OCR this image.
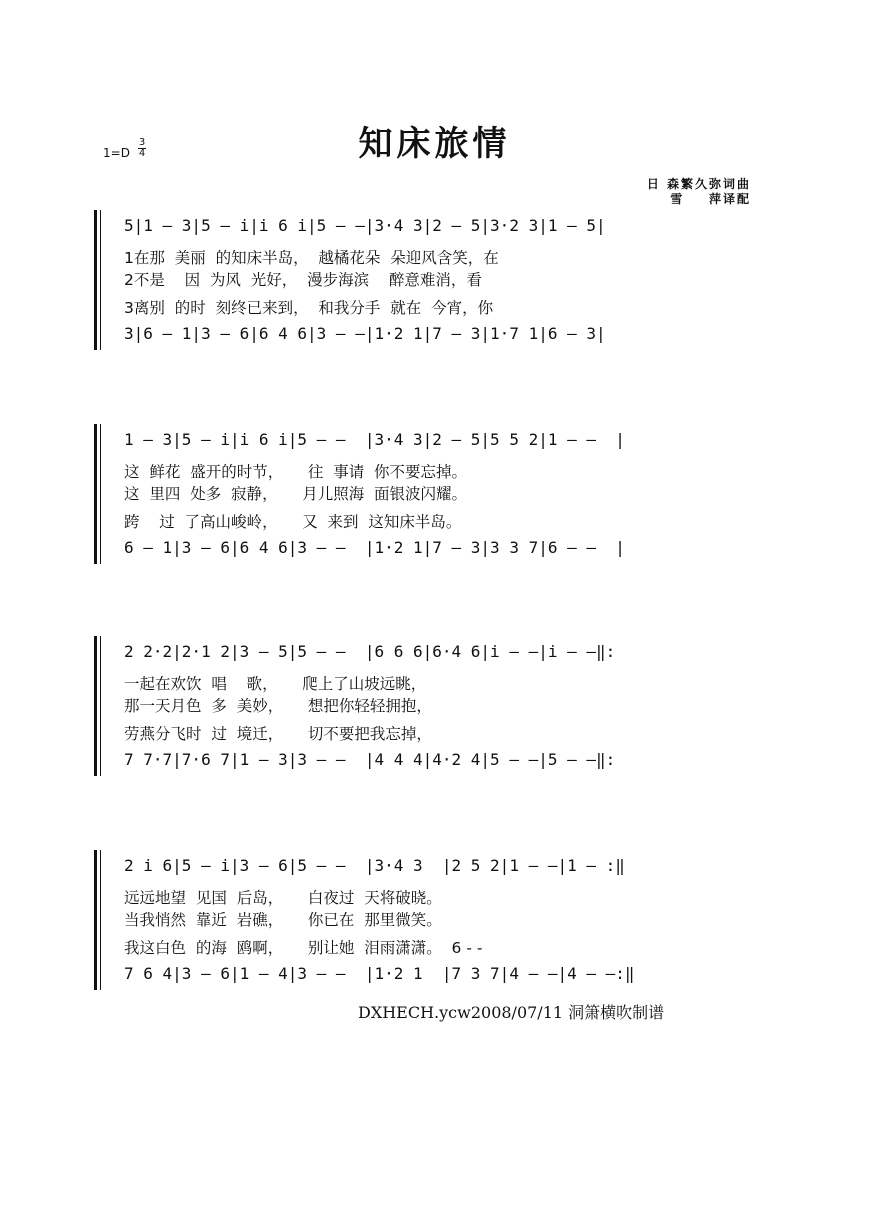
知床旅情
1=D
3
4
日 森繁久弥词曲
雪    萍译配
5|1 – 3|5 – i|i 6 i|5 – –|3·4 3|2 – 5|3·2 3|1 – 5|
1在那  美丽  的知床半岛，  越橘花朵  朵迎风含笑，在
2不是    因  为风  光好，  漫步海滨    醉意难消，看
3离别  的时  刻终已来到，  和我分手  就在  今宵，你
3|6 – 1|3 – 6|6 4 6|3 – –|1·2 1|7 – 3|1·7 1|6 – 3|
1 – 3|5 – i|i 6 i|5 – –  |3·4 3|2 – 5|5 5 2|1 – –  |
这  鲜花  盛开的时节，     往  事请  你不要忘掉。
这  里四  处多  寂静，     月儿照海  面银波闪耀。
跨    过  了高山峻岭，     又  来到  这知床半岛。
6 – 1|3 – 6|6 4 6|3 – –  |1·2 1|7 – 3|3 3 7|6 – –  |
2 2·2|2·1 2|3 – 5|5 – –  |6 6 6|6·4 6|i – –|i – –‖:
一起在欢饮  唱    歌，     爬上了山坡远眺，
那一天月色  多  美妙，     想把你轻轻拥抱，
劳燕分飞时  过  境迁，     切不要把我忘掉，
7 7·7|7·6 7|1 – 3|3 – –  |4 4 4|4·2 4|5 – –|5 – –‖:
2 i 6|5 – i|3 – 6|5 – –  |3·4 3  |2 5 2|1 – –|1 – :‖
远远地望  见国  后岛，     白夜过  天将破晓。
当我悄然  靠近  岩礁，     你已在  那里微笑。
我这白色  的海  鸥啊，     别让她  泪雨潇潇。  6 - -
7 6 4|3 – 6|1 – 4|3 – –  |1·2 1  |7 3 7|4 – –|4 – –:‖
DXHECH.ycw2008/07/11 洞箫横吹制谱
